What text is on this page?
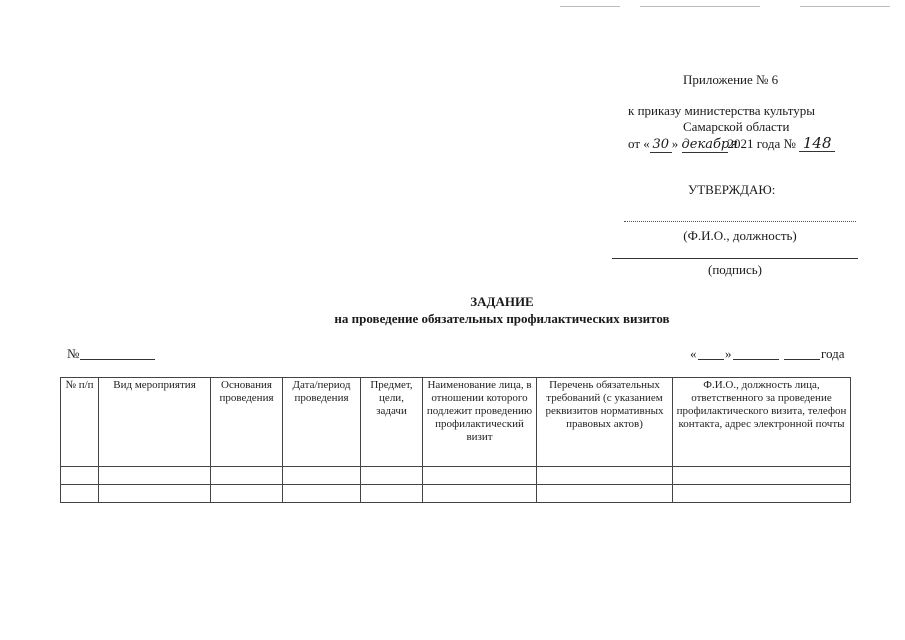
Приложение № 6
к приказу министерства культуры
Самарской области
от « 30 » декабря2021 года № 148
УТВЕРЖДАЮ:
(Ф.И.О., должность)
(подпись)
ЗАДАНИЕ
на проведение обязательных профилактических визитов
№	« »	года
№ п/п	Вид мероприятия	Основания проведения	Дата/период проведения	Предмет, цели, задачи	Наименование лица, в отношении которого подлежит проведению профилактический визит	Перечень обязательных требований (с указанием реквизитов нормативных правовых актов)	Ф.И.О., должность лица, ответственного за проведение профилактического визита, телефон контакта, адрес электронной почты
